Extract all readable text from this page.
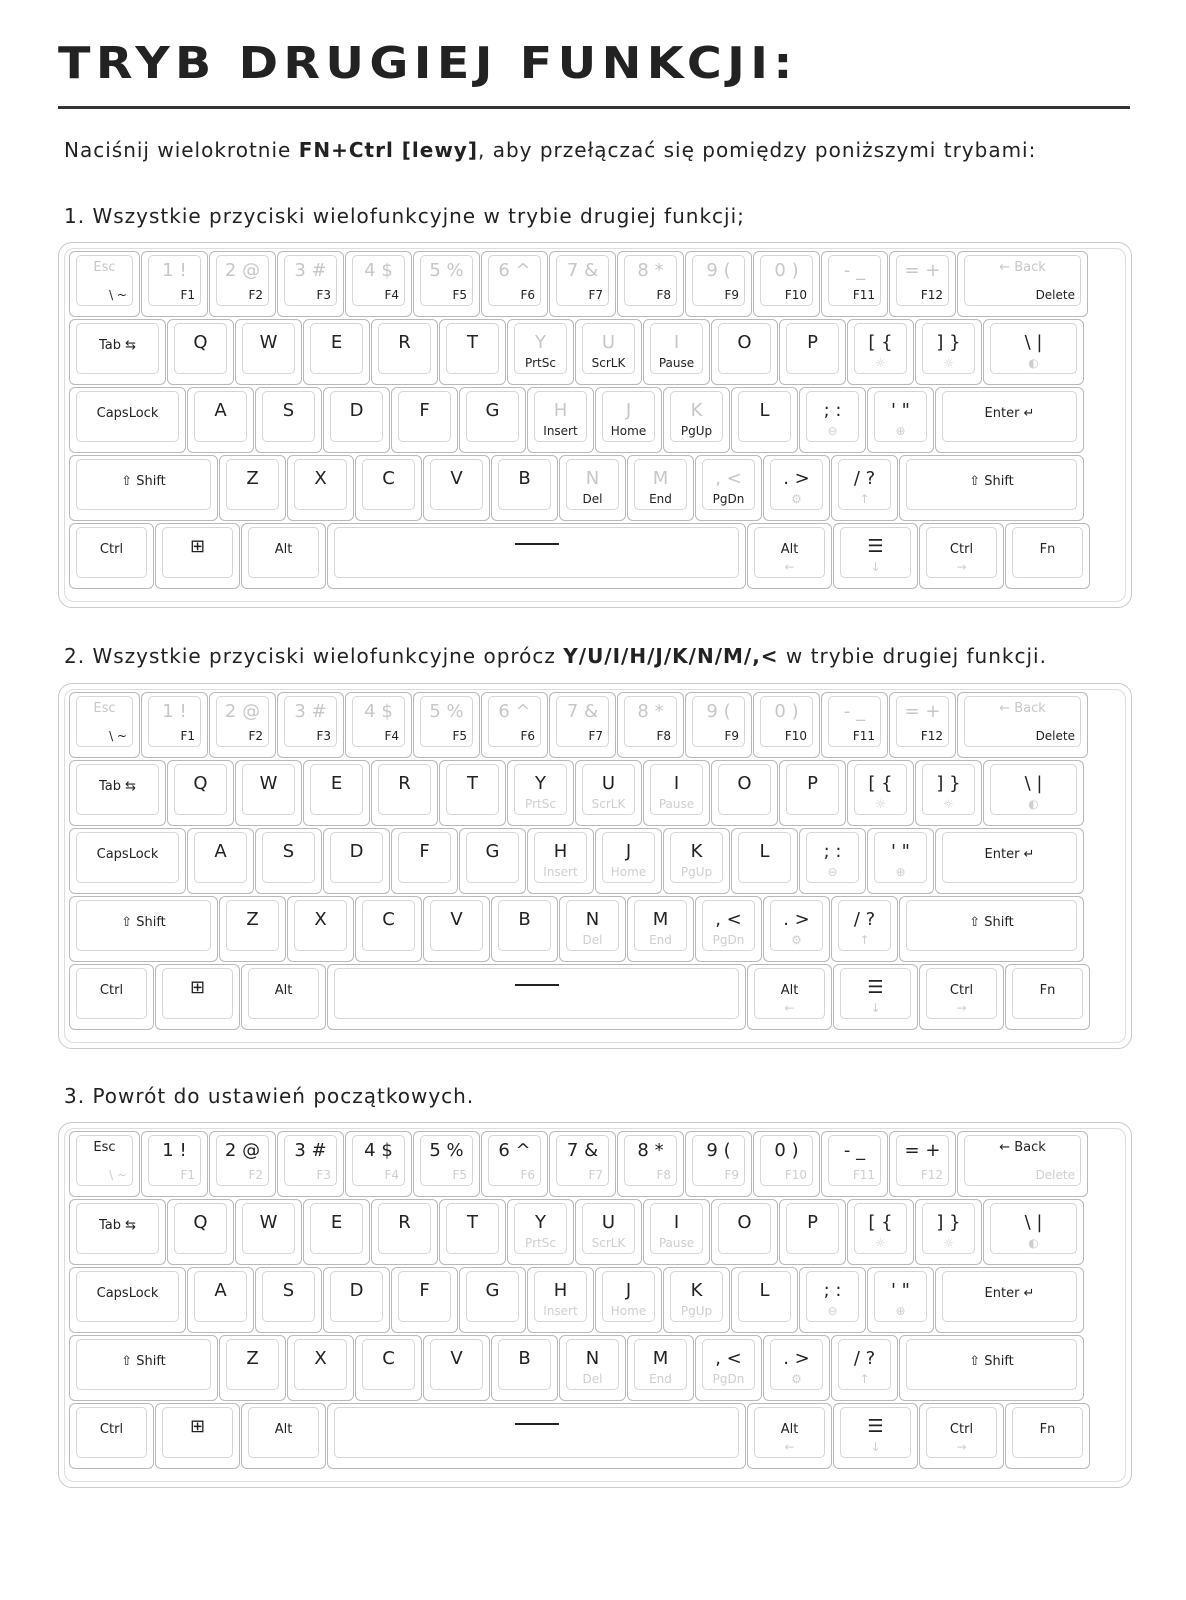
TRYB DRUGIEJ FUNKCJI:
Naciśnij wielokrotnie FN+Ctrl [lewy], aby przełączać się pomiędzy poniższymi trybami:
1. Wszystkie przyciski wielofunkcyjne w trybie drugiej funkcji;
Esc
\ ~
1 !
F1
2 @
F2
3 #
F3
4 $
F4
5 %
F5
6 ^
F6
7 &
F7
8 *
F8
9 (
F9
0 )
F10
- _
F11
= +
F12
← Back
Delete
Tab ⇆	Q	W	E	R	T	Y
PrtSc
U
ScrLK
I
Pause
O	P	[ {
☼
] }
☼
\ |
◐
CapsLock	A	S	D	F	G	H
Insert
J
Home
K
PgUp
L	; :
⊖
' "
⊕
Enter ↵
⇧ Shift	Z	X	C	V	B	N
Del
M
End
, <
PgDn
. >
⚙
/ ?
↑
⇧ Shift
Ctrl	⊞	Alt	Alt
←
☰
↓
Ctrl
→
Fn
2. Wszystkie przyciski wielofunkcyjne oprócz Y/U/I/H/J/K/N/M/,< w trybie drugiej funkcji.
Esc
\ ~
1 !
F1
2 @
F2
3 #
F3
4 $
F4
5 %
F5
6 ^
F6
7 &
F7
8 *
F8
9 (
F9
0 )
F10
- _
F11
= +
F12
← Back
Delete
Tab ⇆	Q	W	E	R	T	Y
PrtSc
U
ScrLK
I
Pause
O	P	[ {
☼
] }
☼
\ |
◐
CapsLock	A	S	D	F	G	H
Insert
J
Home
K
PgUp
L	; :
⊖
' "
⊕
Enter ↵
⇧ Shift	Z	X	C	V	B	N
Del
M
End
, <
PgDn
. >
⚙
/ ?
↑
⇧ Shift
Ctrl	⊞	Alt	Alt
←
☰
↓
Ctrl
→
Fn
3. Powrót do ustawień początkowych.
Esc
\ ~
1 !
F1
2 @
F2
3 #
F3
4 $
F4
5 %
F5
6 ^
F6
7 &
F7
8 *
F8
9 (
F9
0 )
F10
- _
F11
= +
F12
← Back
Delete
Tab ⇆	Q	W	E	R	T	Y
PrtSc
U
ScrLK
I
Pause
O	P	[ {
☼
] }
☼
\ |
◐
CapsLock	A	S	D	F	G	H
Insert
J
Home
K
PgUp
L	; :
⊖
' "
⊕
Enter ↵
⇧ Shift	Z	X	C	V	B	N
Del
M
End
, <
PgDn
. >
⚙
/ ?
↑
⇧ Shift
Ctrl	⊞	Alt	Alt
←
☰
↓
Ctrl
→
Fn
